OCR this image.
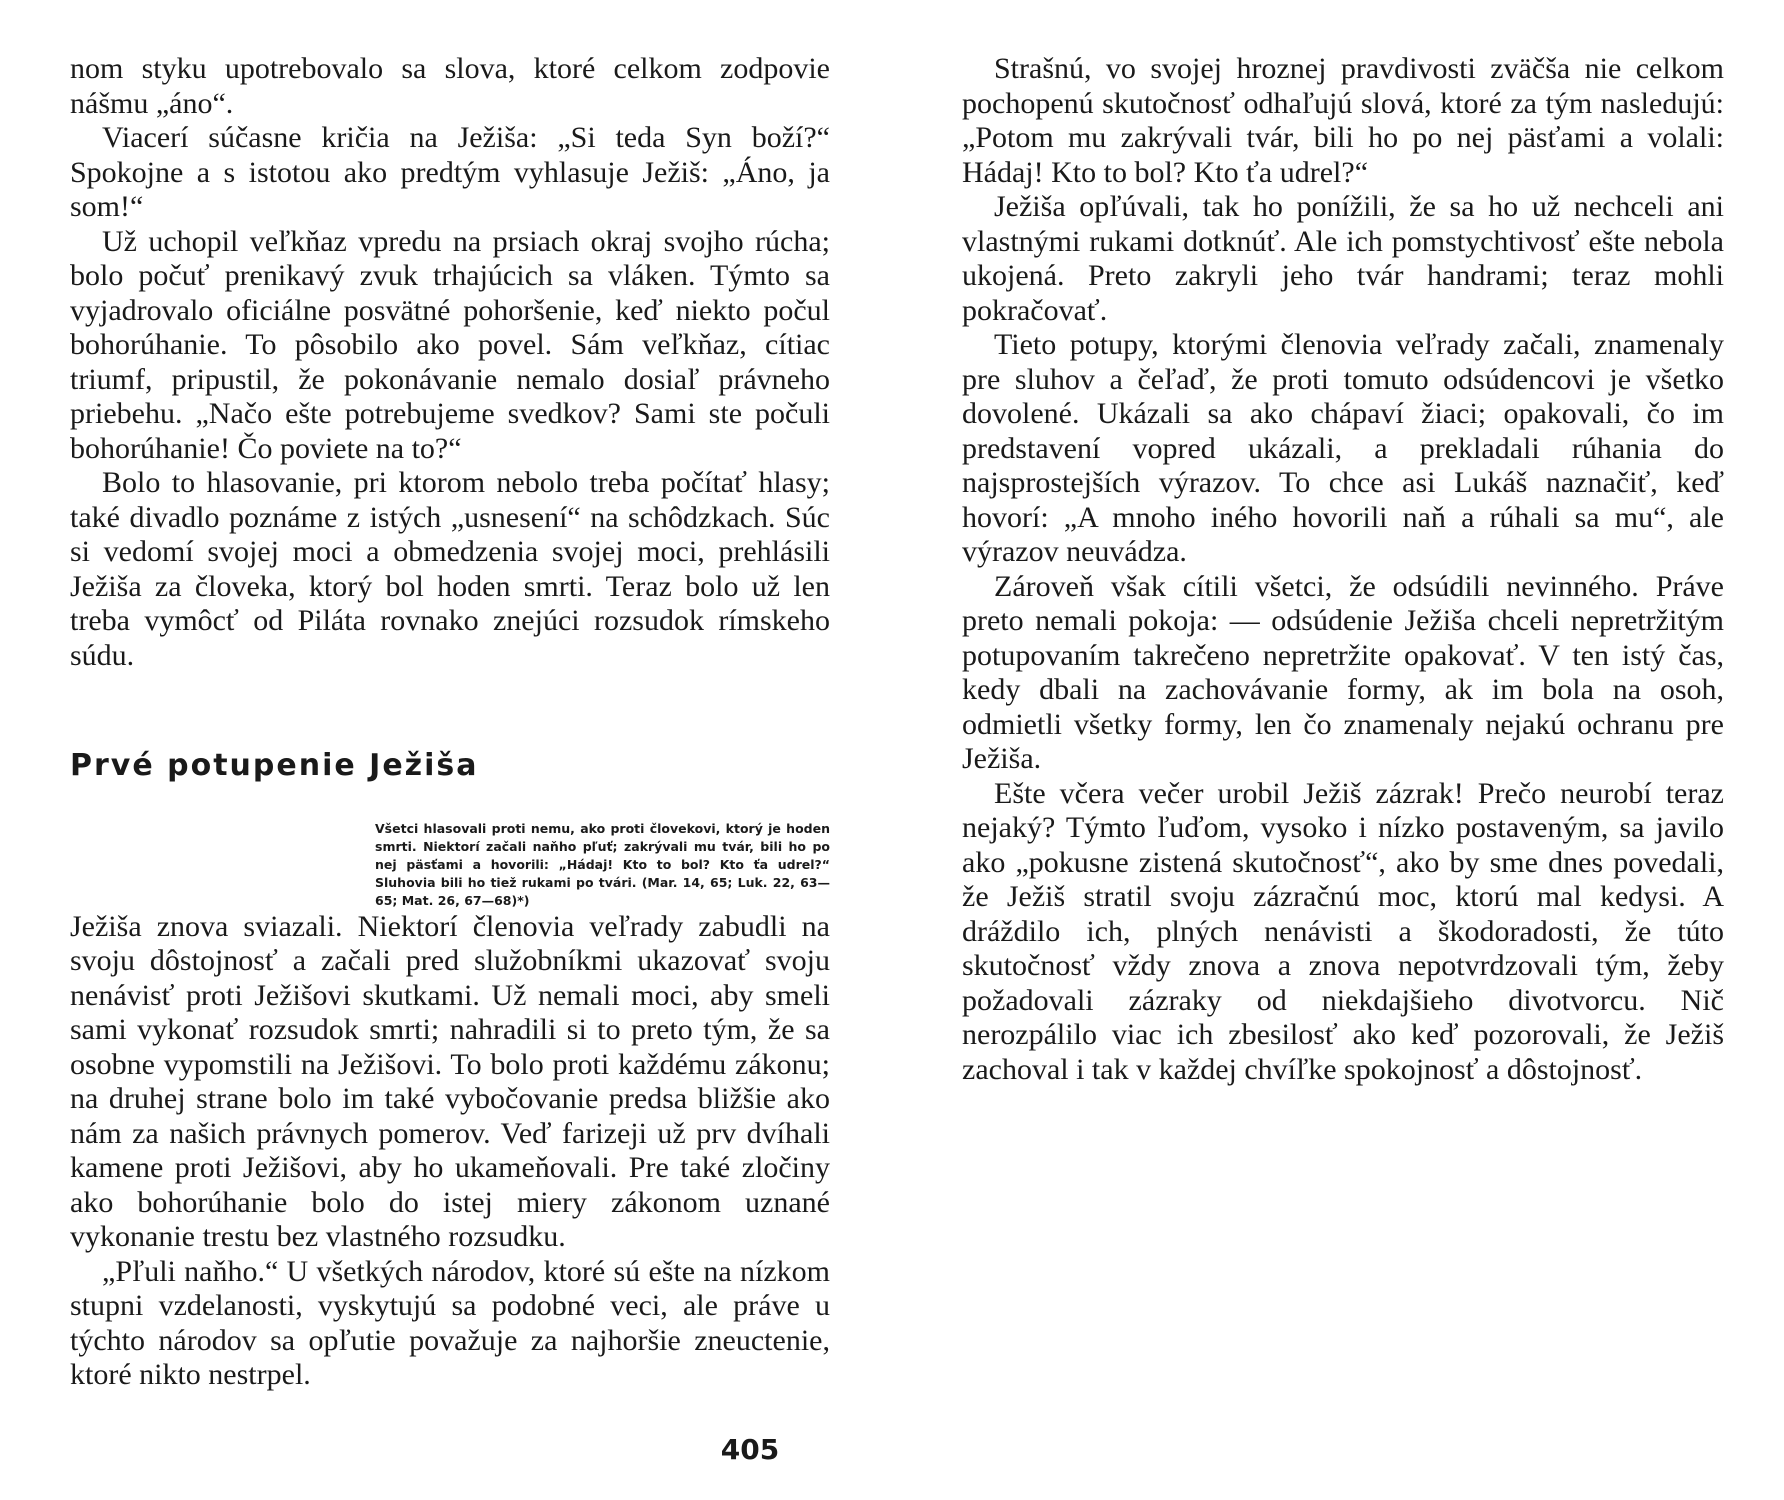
nom styku upotrebovalo sa slova, ktoré celkom zodpovie nášmu „áno“.

Viacerí súčasne kričia na Ježiša: „Si teda Syn boží?“ Spokojne a s istotou ako predtým vyhlasuje Ježiš: „Áno, ja som!“

Už uchopil veľkňaz vpredu na prsiach okraj svojho rúcha; bolo počuť prenikavý zvuk trhajúcich sa vláken. Týmto sa vyjadrovalo oficiálne posvätné pohoršenie, keď niekto počul bohorúhanie. To pôsobilo ako povel. Sám veľkňaz, cítiac triumf, pripustil, že pokonávanie nemalo dosiaľ právneho priebehu. „Načo ešte potrebujeme svedkov? Sami ste počuli bohorúhanie! Čo poviete na to?“

Bolo to hlasovanie, pri ktorom nebolo treba počítať hlasy; také divadlo poznáme z istých „usnesení“ na schôdzkach. Súc si vedomí svojej moci a obmedzenia svojej moci, prehlásili Ježiša za človeka, ktorý bol hoden smrti. Teraz bolo už len treba vymôcť od Piláta rovnako znejúci rozsudok rímskeho súdu.

Prvé potupenie Ježiša
Všetci hlasovali proti nemu, ako proti človekovi, ktorý je hoden smrti. Niektorí začali naňho pľuť; zakrývali mu tvár, bili ho po nej päsťami a hovorili: „Hádaj! Kto to bol? Kto ťa udrel?“ Sluhovia bili ho tiež rukami po tvári. (Mar. 14, 65; Luk. 22, 63—65; Mat. 26, 67—68)*)

Ježiša znova sviazali. Niektorí členovia veľrady zabudli na svoju dôstojnosť a začali pred služobníkmi ukazovať svoju nenávisť proti Ježišovi skutkami. Už nemali moci, aby smeli sami vykonať rozsudok smrti; nahradili si to preto tým, že sa osobne vypomstili na Ježišovi. To bolo proti každému zákonu; na druhej strane bolo im také vybočovanie predsa bližšie ako nám za našich právnych pomerov. Veď farizeji už prv dvíhali kamene proti Ježišovi, aby ho ukameňovali. Pre také zločiny ako bohorúhanie bolo do istej miery zákonom uznané vykonanie trestu bez vlastného rozsudku.

„Pľuli naňho.“ U všetkých národov, ktoré sú ešte na nízkom stupni vzdelanosti, vyskytujú sa podobné veci, ale práve u týchto národov sa opľutie považuje za najhoršie zneuctenie, ktoré nikto nestrpel.

Strašnú, vo svojej hroznej pravdivosti zväčša nie celkom pochopenú skutočnosť odhaľujú slová, ktoré za tým nasledujú: „Potom mu zakrývali tvár, bili ho po nej päsťami a volali: Hádaj! Kto to bol? Kto ťa udrel?“

Ježiša opľúvali, tak ho ponížili, že sa ho už nechceli ani vlastnými rukami dotknúť. Ale ich pomstychtivosť ešte nebola ukojená. Preto zakryli jeho tvár handrami; teraz mohli pokračovať.

Tieto potupy, ktorými členovia veľrady začali, znamenaly pre sluhov a čeľaď, že proti tomuto odsúdencovi je všetko dovolené. Ukázali sa ako chápaví žiaci; opakovali, čo im predstavení vopred ukázali, a prekladali rúhania do najsprostejších výrazov. To chce asi Lukáš naznačiť, keď hovorí: „A mnoho iného hovorili naň a rúhali sa mu“, ale výrazov neuvádza.

Zároveň však cítili všetci, že odsúdili nevinného. Práve preto nemali pokoja: — odsúdenie Ježiša chceli nepretržitým potupovaním takrečeno nepretržite opakovať. V ten istý čas, kedy dbali na zachovávanie formy, ak im bola na osoh, odmietli všetky formy, len čo znamenaly nejakú ochranu pre Ježiša.

Ešte včera večer urobil Ježiš zázrak! Prečo neurobí teraz nejaký? Týmto ľuďom, vysoko i nízko postaveným, sa javilo ako „pokusne zistená skutočnosť“, ako by sme dnes povedali, že Ježiš stratil svoju zázračnú moc, ktorú mal kedysi. A dráždilo ich, plných nenávisti a škodoradosti, že túto skutočnosť vždy znova a znova nepotvrdzovali tým, žeby požadovali zázraky od niekdajšieho divotvorcu. Nič nerozpálilo viac ich zbesilosť ako keď pozorovali, že Ježiš zachoval i tak v každej chvíľke spokojnosť a dôstojnosť.

405
